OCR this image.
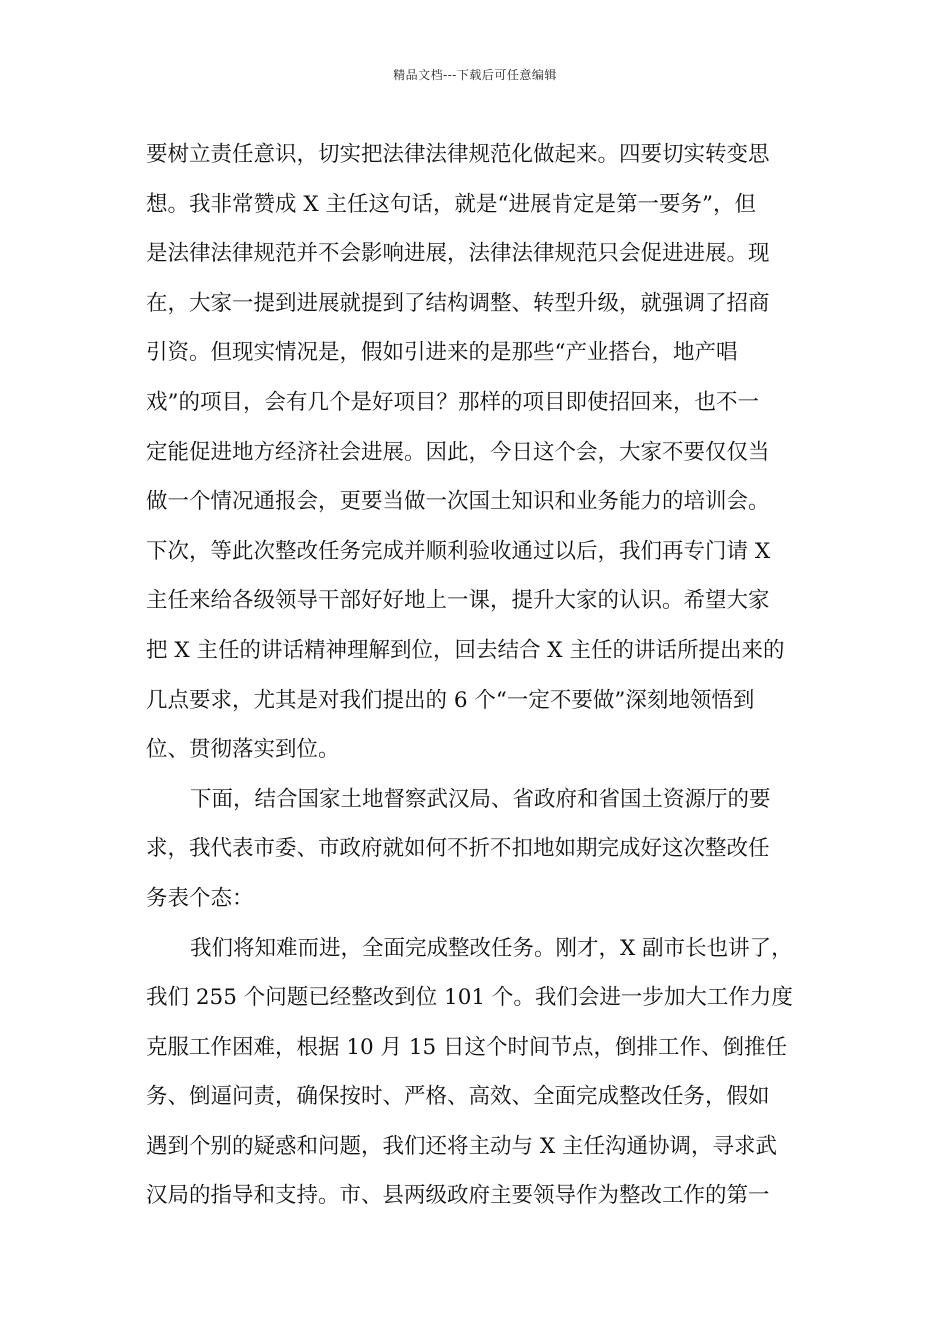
精品文档---下载后可任意编辑
要树立责任意识，切实把法律法律规范化做起来。四要切实转变思
想。我非常赞成 X 主任这句话，就是“进展肯定是第一要务”，但
是法律法律规范并不会影响进展，法律法律规范只会促进进展。现
在，大家一提到进展就提到了结构调整、转型升级，就强调了招商
引资。但现实情况是，假如引进来的是那些“产业搭台，地产唱
戏”的项目，会有几个是好项目？那样的项目即使招回来，也不一
定能促进地方经济社会进展。因此，今日这个会，大家不要仅仅当
做一个情况通报会，更要当做一次国土知识和业务能力的培训会。
下次，等此次整改任务完成并顺利验收通过以后，我们再专门请 X
主任来给各级领导干部好好地上一课，提升大家的认识。希望大家
把 X 主任的讲话精神理解到位，回去结合 X 主任的讲话所提出来的
几点要求，尤其是对我们提出的 6 个“一定不要做”深刻地领悟到
位、贯彻落实到位。
下面，结合国家土地督察武汉局、省政府和省国土资源厅的要
求，我代表市委、市政府就如何不折不扣地如期完成好这次整改任
务表个态：
我们将知难而进，全面完成整改任务。刚才，X 副市长也讲了，
我们 255 个问题已经整改到位 101 个。我们会进一步加大工作力度
克服工作困难，根据 10 月 15 日这个时间节点，倒排工作、倒推任
务、倒逼问责，确保按时、严格、高效、全面完成整改任务，假如
遇到个别的疑惑和问题，我们还将主动与 X 主任沟通协调，寻求武
汉局的指导和支持。市、县两级政府主要领导作为整改工作的第一
